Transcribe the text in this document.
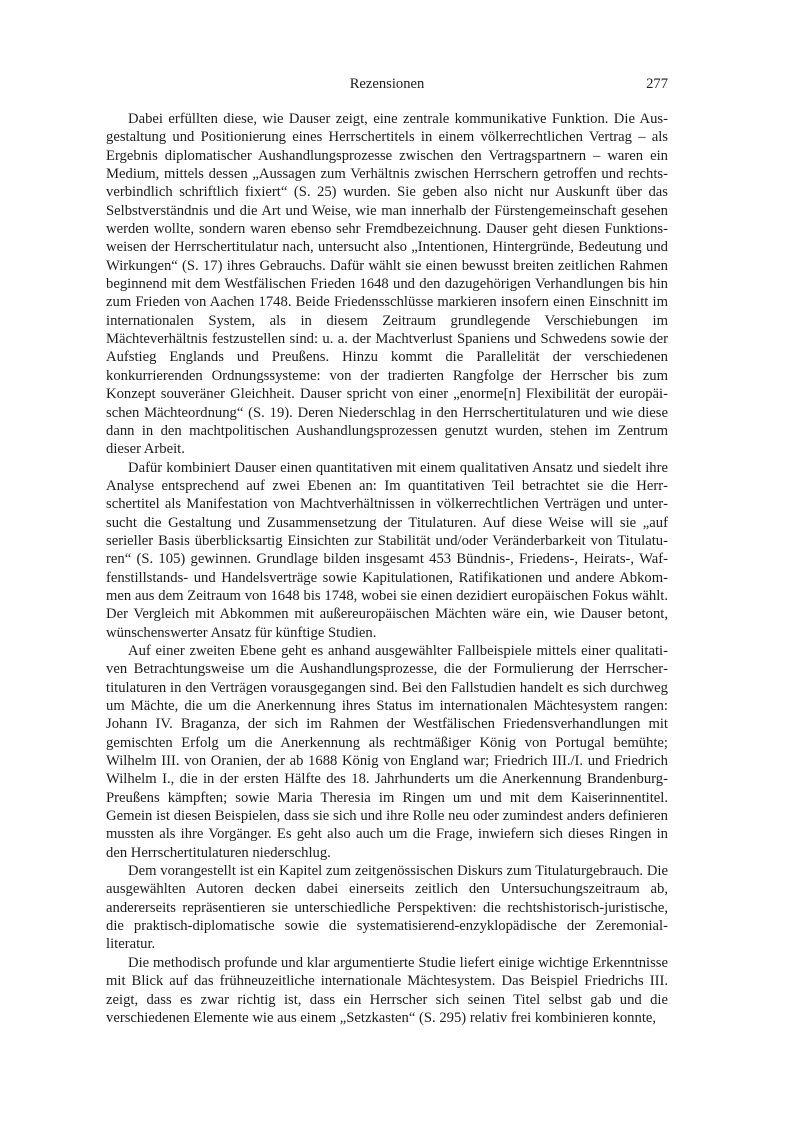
Rezensionen	277

Dabei erfüllten diese, wie Dauser zeigt, eine zentrale kommunikative Funktion. Die Ausgestaltung und Positionierung eines Herrschertitels in einem völkerrechtlichen Vertrag – als Ergebnis diplomatischer Aushandlungsprozesse zwischen den Vertragspartnern – waren ein Medium, mittels dessen „Aussagen zum Verhältnis zwischen Herrschern getroffen und rechtsverbindlich schriftlich fixiert“ (S. 25) wurden. Sie geben also nicht nur Auskunft über das Selbstverständnis und die Art und Weise, wie man innerhalb der Fürstengemeinschaft gesehen werden wollte, sondern waren ebenso sehr Fremdbezeichnung. Dauser geht diesen Funktionsweisen der Herrschertitulatur nach, untersucht also „Intentionen, Hintergründe, Bedeutung und Wirkungen“ (S. 17) ihres Gebrauchs. Dafür wählt sie einen bewusst breiten zeitlichen Rahmen beginnend mit dem Westfälischen Frieden 1648 und den dazugehörigen Verhandlungen bis hin zum Frieden von Aachen 1748. Beide Friedensschlüsse markieren insofern einen Einschnitt im internationalen System, als in diesem Zeitraum grundlegende Verschiebungen im Mächteverhältnis festzustellen sind: u. a. der Machtverlust Spaniens und Schwedens sowie der Aufstieg Englands und Preußens. Hinzu kommt die Parallelität der verschiedenen konkurrierenden Ordnungssysteme: von der tradierten Rangfolge der Herrscher bis zum Konzept souveräner Gleichheit. Dauser spricht von einer „enorme[n] Flexibilität der europäischen Mächteordnung“ (S. 19). Deren Niederschlag in den Herrschertitulaturen und wie diese dann in den machtpolitischen Aushandlungsprozessen genutzt wurden, stehen im Zentrum dieser Arbeit.

Dafür kombiniert Dauser einen quantitativen mit einem qualitativen Ansatz und siedelt ihre Analyse entsprechend auf zwei Ebenen an: Im quantitativen Teil betrachtet sie die Herrschertitel als Manifestation von Machtverhältnissen in völkerrechtlichen Verträgen und untersucht die Gestaltung und Zusammensetzung der Titulaturen. Auf diese Weise will sie „auf serieller Basis überblicksartig Einsichten zur Stabilität und/oder Veränderbarkeit von Titulaturen“ (S. 105) gewinnen. Grundlage bilden insgesamt 453 Bündnis-, Friedens-, Heirats-, Waffenstillstands- und Handelsverträge sowie Kapitulationen, Ratifikationen und andere Abkommen aus dem Zeitraum von 1648 bis 1748, wobei sie einen dezidiert europäischen Fokus wählt. Der Vergleich mit Abkommen mit außereuropäischen Mächten wäre ein, wie Dauser betont, wünschenswerter Ansatz für künftige Studien.

Auf einer zweiten Ebene geht es anhand ausgewählter Fallbeispiele mittels einer qualitativen Betrachtungsweise um die Aushandlungsprozesse, die der Formulierung der Herrschertitulaturen in den Verträgen vorausgegangen sind. Bei den Fallstudien handelt es sich durchweg um Mächte, die um die Anerkennung ihres Status im internationalen Mächtesystem rangen: Johann IV. Braganza, der sich im Rahmen der Westfälischen Friedensverhandlungen mit gemischten Erfolg um die Anerkennung als rechtmäßiger König von Portugal bemühte; Wilhelm III. von Oranien, der ab 1688 König von England war; Friedrich III./I. und Friedrich Wilhelm I., die in der ersten Hälfte des 18. Jahrhunderts um die Anerkennung Brandenburg-Preußens kämpften; sowie Maria Theresia im Ringen um und mit dem Kaiserinnentitel. Gemein ist diesen Beispielen, dass sie sich und ihre Rolle neu oder zumindest anders definieren mussten als ihre Vorgänger. Es geht also auch um die Frage, inwiefern sich dieses Ringen in den Herrschertitulaturen niederschlug.

Dem vorangestellt ist ein Kapitel zum zeitgenössischen Diskurs zum Titulaturgebrauch. Die ausgewählten Autoren decken dabei einerseits zeitlich den Untersuchungszeitraum ab, andererseits repräsentieren sie unterschiedliche Perspektiven: die rechtshistorisch-juristische, die praktisch-diplomatische sowie die systematisierend-enzyklopädische der Zeremonialliteratur.

Die methodisch profunde und klar argumentierte Studie liefert einige wichtige Erkenntnisse mit Blick auf das frühneuzeitliche internationale Mächtesystem. Das Beispiel Friedrichs III. zeigt, dass es zwar richtig ist, dass ein Herrscher sich seinen Titel selbst gab und die verschiedenen Elemente wie aus einem „Setzkasten“ (S. 295) relativ frei kombinieren konnte,
